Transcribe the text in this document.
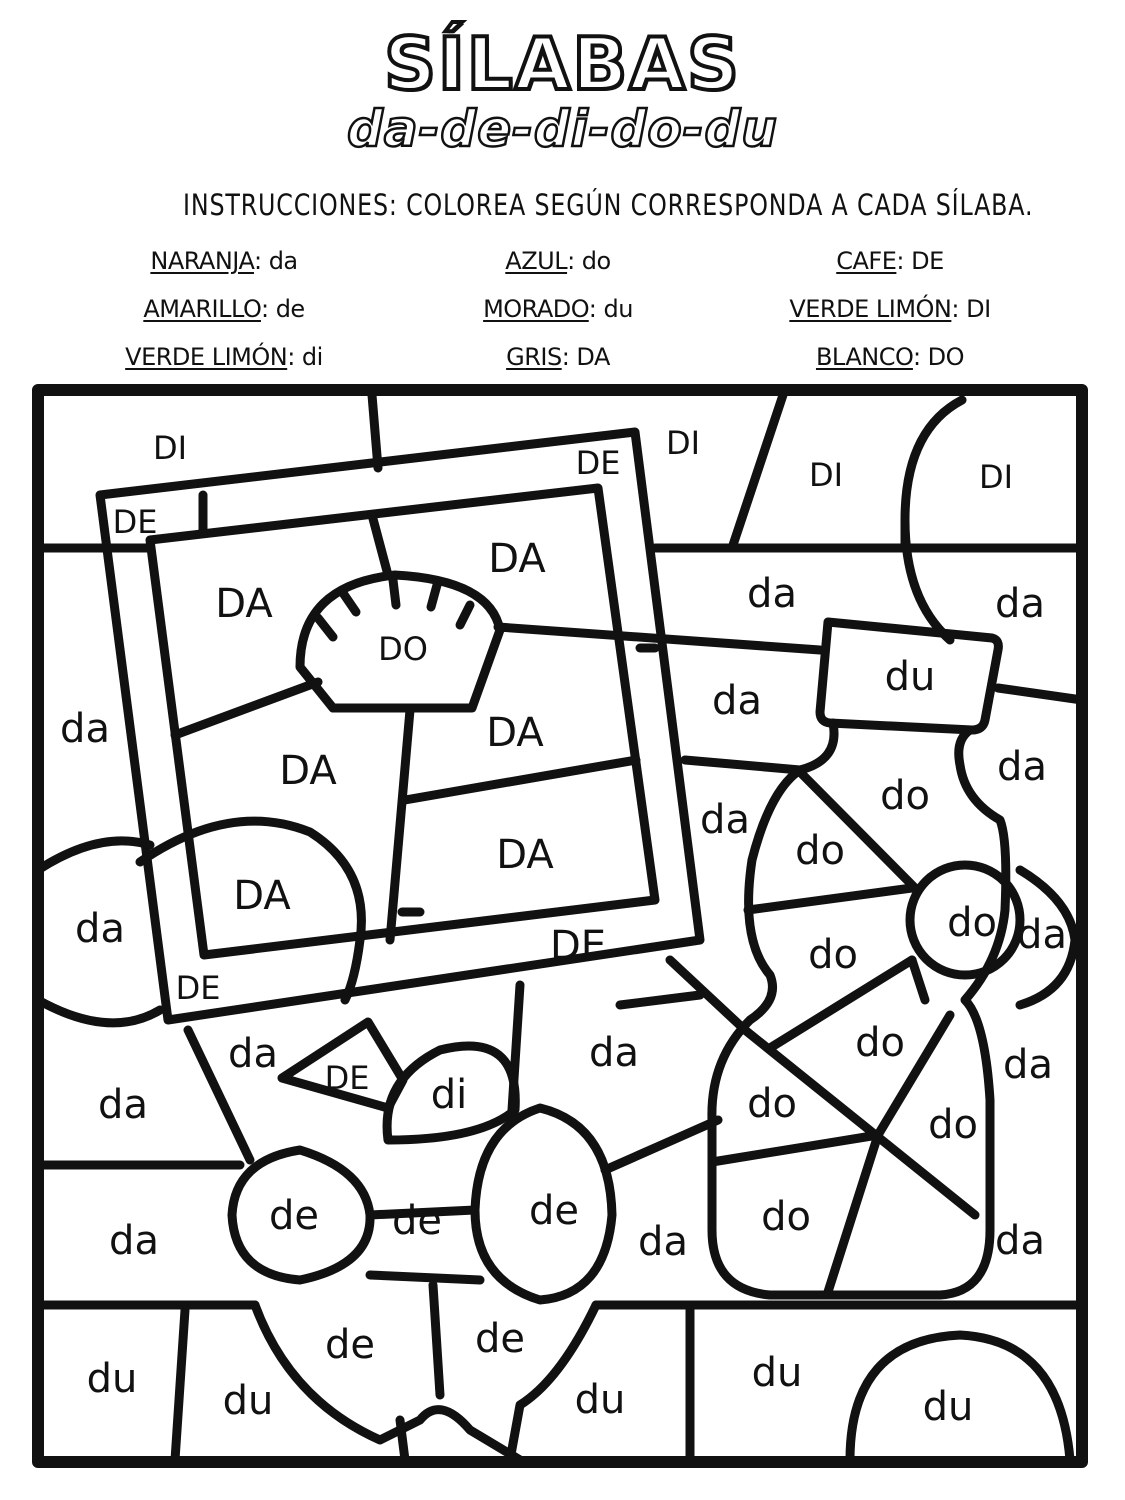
SÍLABAS
da-de-di-do-du
INSTRUCCIONES: COLOREA SEGÚN CORRESPONDA A CADA SÍLABA.
NARANJA: da	AZUL: do	CAFE: DE
AMARILLO: de	MORADO: du	VERDE LIMÓN: DI
VERDE LIMÓN: di	GRIS: DA	BLANCO: DO
DI	DE
DI
DI	DI
DE
DA
DA
DO
da	da
du
da
da
DA
DA	da
do
da
DA
DA
do
da	do da
DE
DE
do
da
DE
da	do
da	di	do
da
de de de
do
do
da	da	da
de	de
du du	du
du
du
